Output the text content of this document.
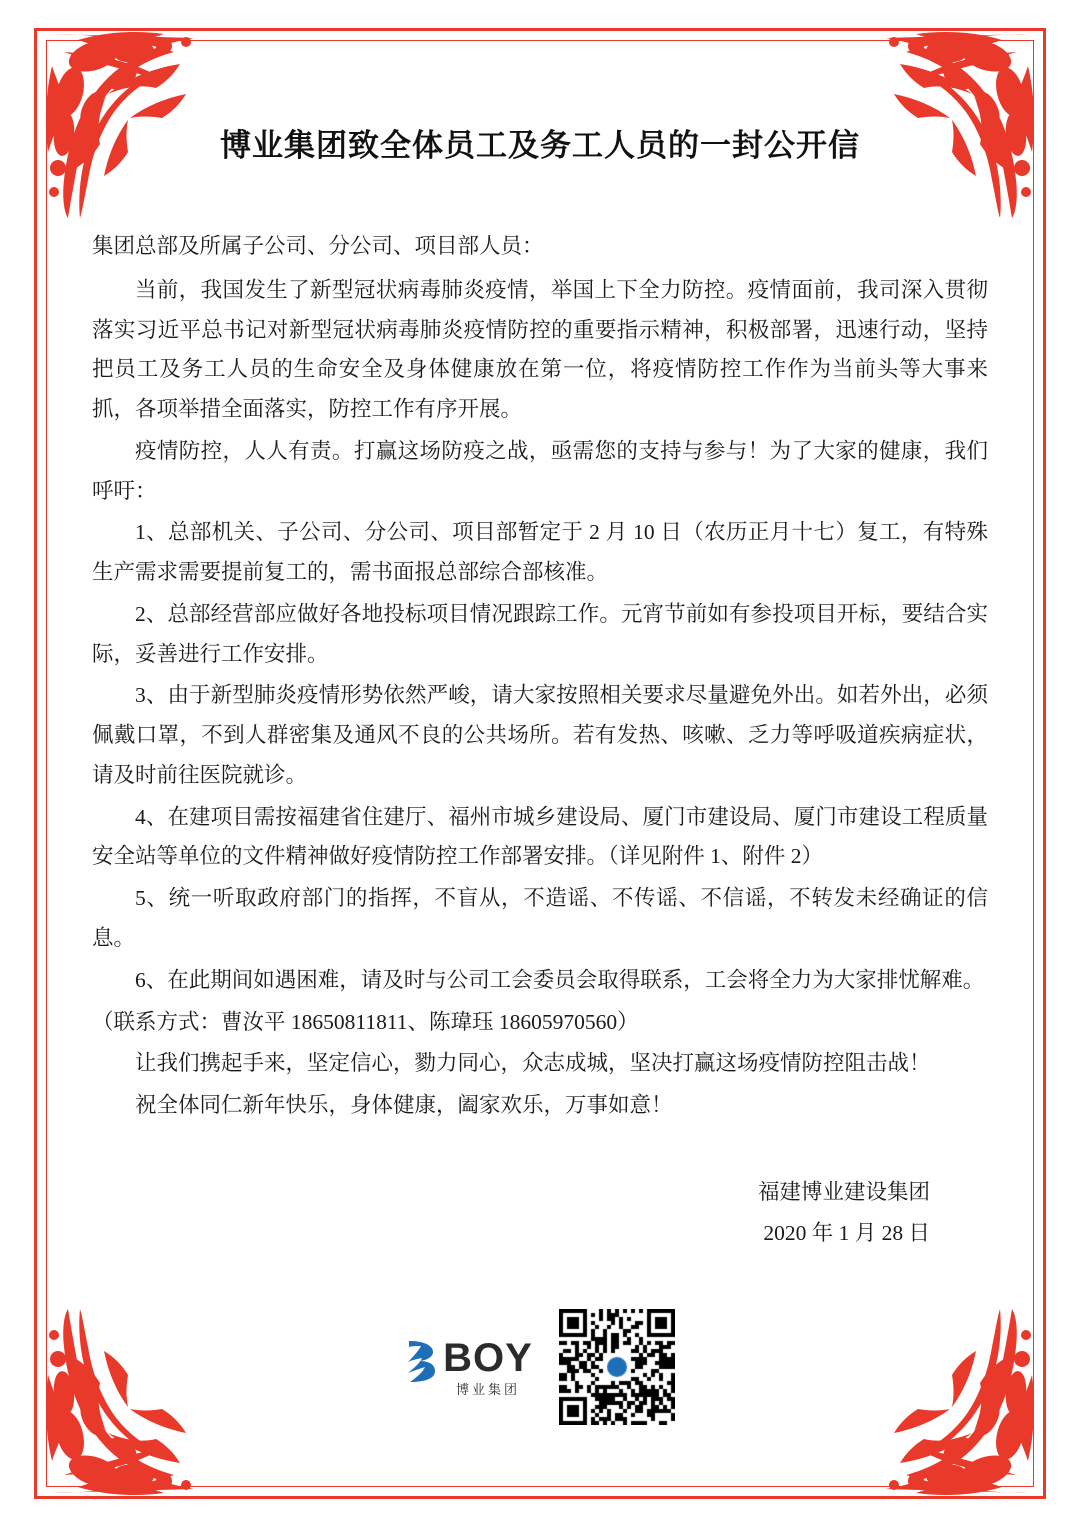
博业集团致全体员工及务工人员的一封公开信
集团总部及所属子公司、分公司、项目部人员：

当前，我国发生了新型冠状病毒肺炎疫情，举国上下全力防控。疫情面前，我司深入贯彻落实习近平总书记对新型冠状病毒肺炎疫情防控的重要指示精神，积极部署，迅速行动，坚持把员工及务工人员的生命安全及身体健康放在第一位，将疫情防控工作作为当前头等大事来抓，各项举措全面落实，防控工作有序开展。

疫情防控，人人有责。打赢这场防疫之战，亟需您的支持与参与！为了大家的健康，我们呼吁：

1、总部机关、子公司、分公司、项目部暂定于 2 月 10 日（农历正月十七）复工，有特殊生产需求需要提前复工的，需书面报总部综合部核准。

2、总部经营部应做好各地投标项目情况跟踪工作。元宵节前如有参投项目开标，要结合实际，妥善进行工作安排。

3、由于新型肺炎疫情形势依然严峻，请大家按照相关要求尽量避免外出。如若外出，必须佩戴口罩，不到人群密集及通风不良的公共场所。若有发热、咳嗽、乏力等呼吸道疾病症状，请及时前往医院就诊。

4、在建项目需按福建省住建厅、福州市城乡建设局、厦门市建设局、厦门市建设工程质量安全站等单位的文件精神做好疫情防控工作部署安排。（详见附件 1、附件 2）

5、统一听取政府部门的指挥，不盲从，不造谣、不传谣、不信谣，不转发未经确证的信息。

6、在此期间如遇困难，请及时与公司工会委员会取得联系，工会将全力为大家排忧解难。

（联系方式：曹汝平 18650811811、陈瑋珏 18605970560）

让我们携起手来，坚定信心，勠力同心，众志成城，坚决打赢这场疫情防控阻击战！

祝全体同仁新年快乐，身体健康，阖家欢乐，万事如意！

福建博业建设集团
2020 年 1 月 28 日
BOY
博业集团
